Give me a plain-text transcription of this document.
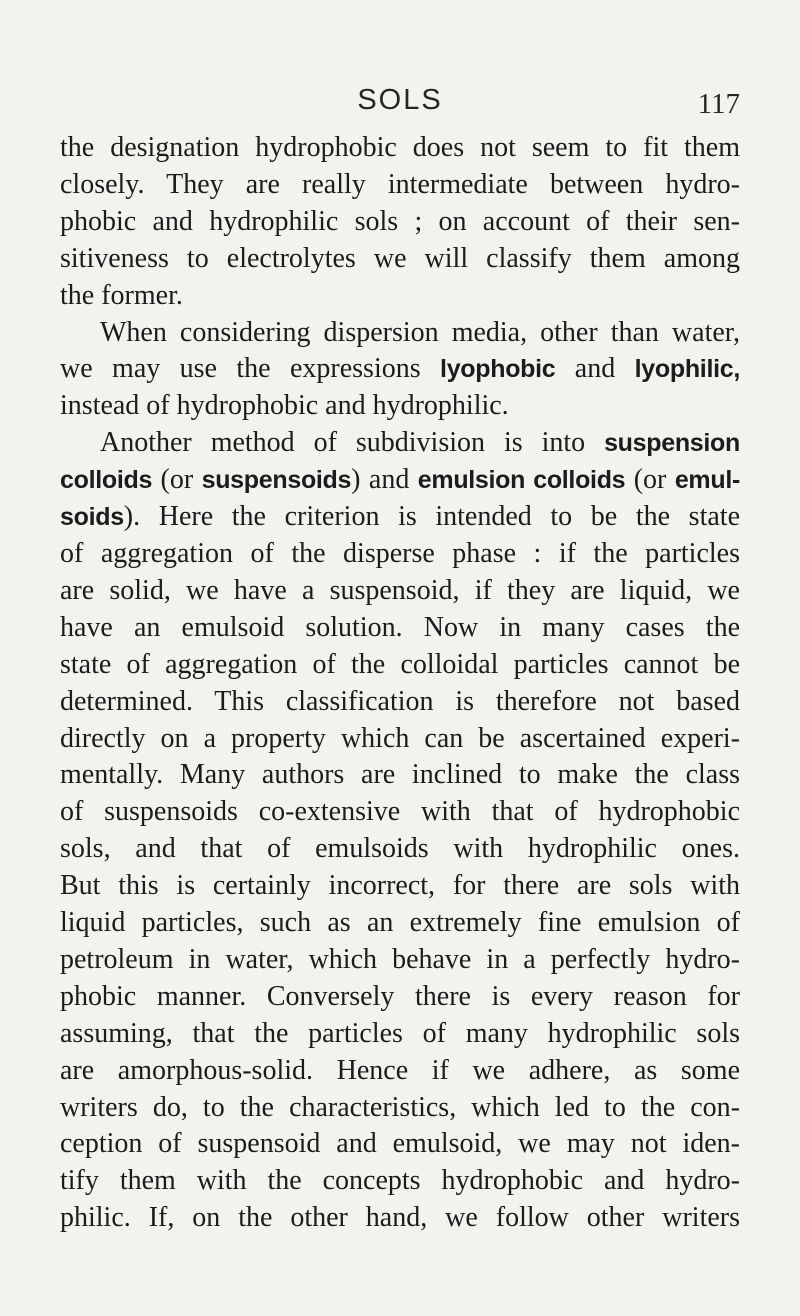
SOLS	117
the designation hydrophobic does not seem to fit them
closely. They are really intermediate between hydro-
phobic and hydrophilic sols ; on account of their sen-
sitiveness to electrolytes we will classify them among
the former.
When considering dispersion media, other than water,
we may use the expressions lyophobic and lyophilic,
instead of hydrophobic and hydrophilic.
Another method of subdivision is into suspension
colloids (or suspensoids) and emulsion colloids (or emul-
soids). Here the criterion is intended to be the state
of aggregation of the disperse phase : if the particles
are solid, we have a suspensoid, if they are liquid, we
have an emulsoid solution. Now in many cases the
state of aggregation of the colloidal particles cannot be
determined. This classification is therefore not based
directly on a property which can be ascertained experi-
mentally. Many authors are inclined to make the class
of suspensoids co-extensive with that of hydrophobic
sols, and that of emulsoids with hydrophilic ones.
But this is certainly incorrect, for there are sols with
liquid particles, such as an extremely fine emulsion of
petroleum in water, which behave in a perfectly hydro-
phobic manner. Conversely there is every reason for
assuming, that the particles of many hydrophilic sols
are amorphous-solid. Hence if we adhere, as some
writers do, to the characteristics, which led to the con-
ception of suspensoid and emulsoid, we may not iden-
tify them with the concepts hydrophobic and hydro-
philic. If, on the other hand, we follow other writers
